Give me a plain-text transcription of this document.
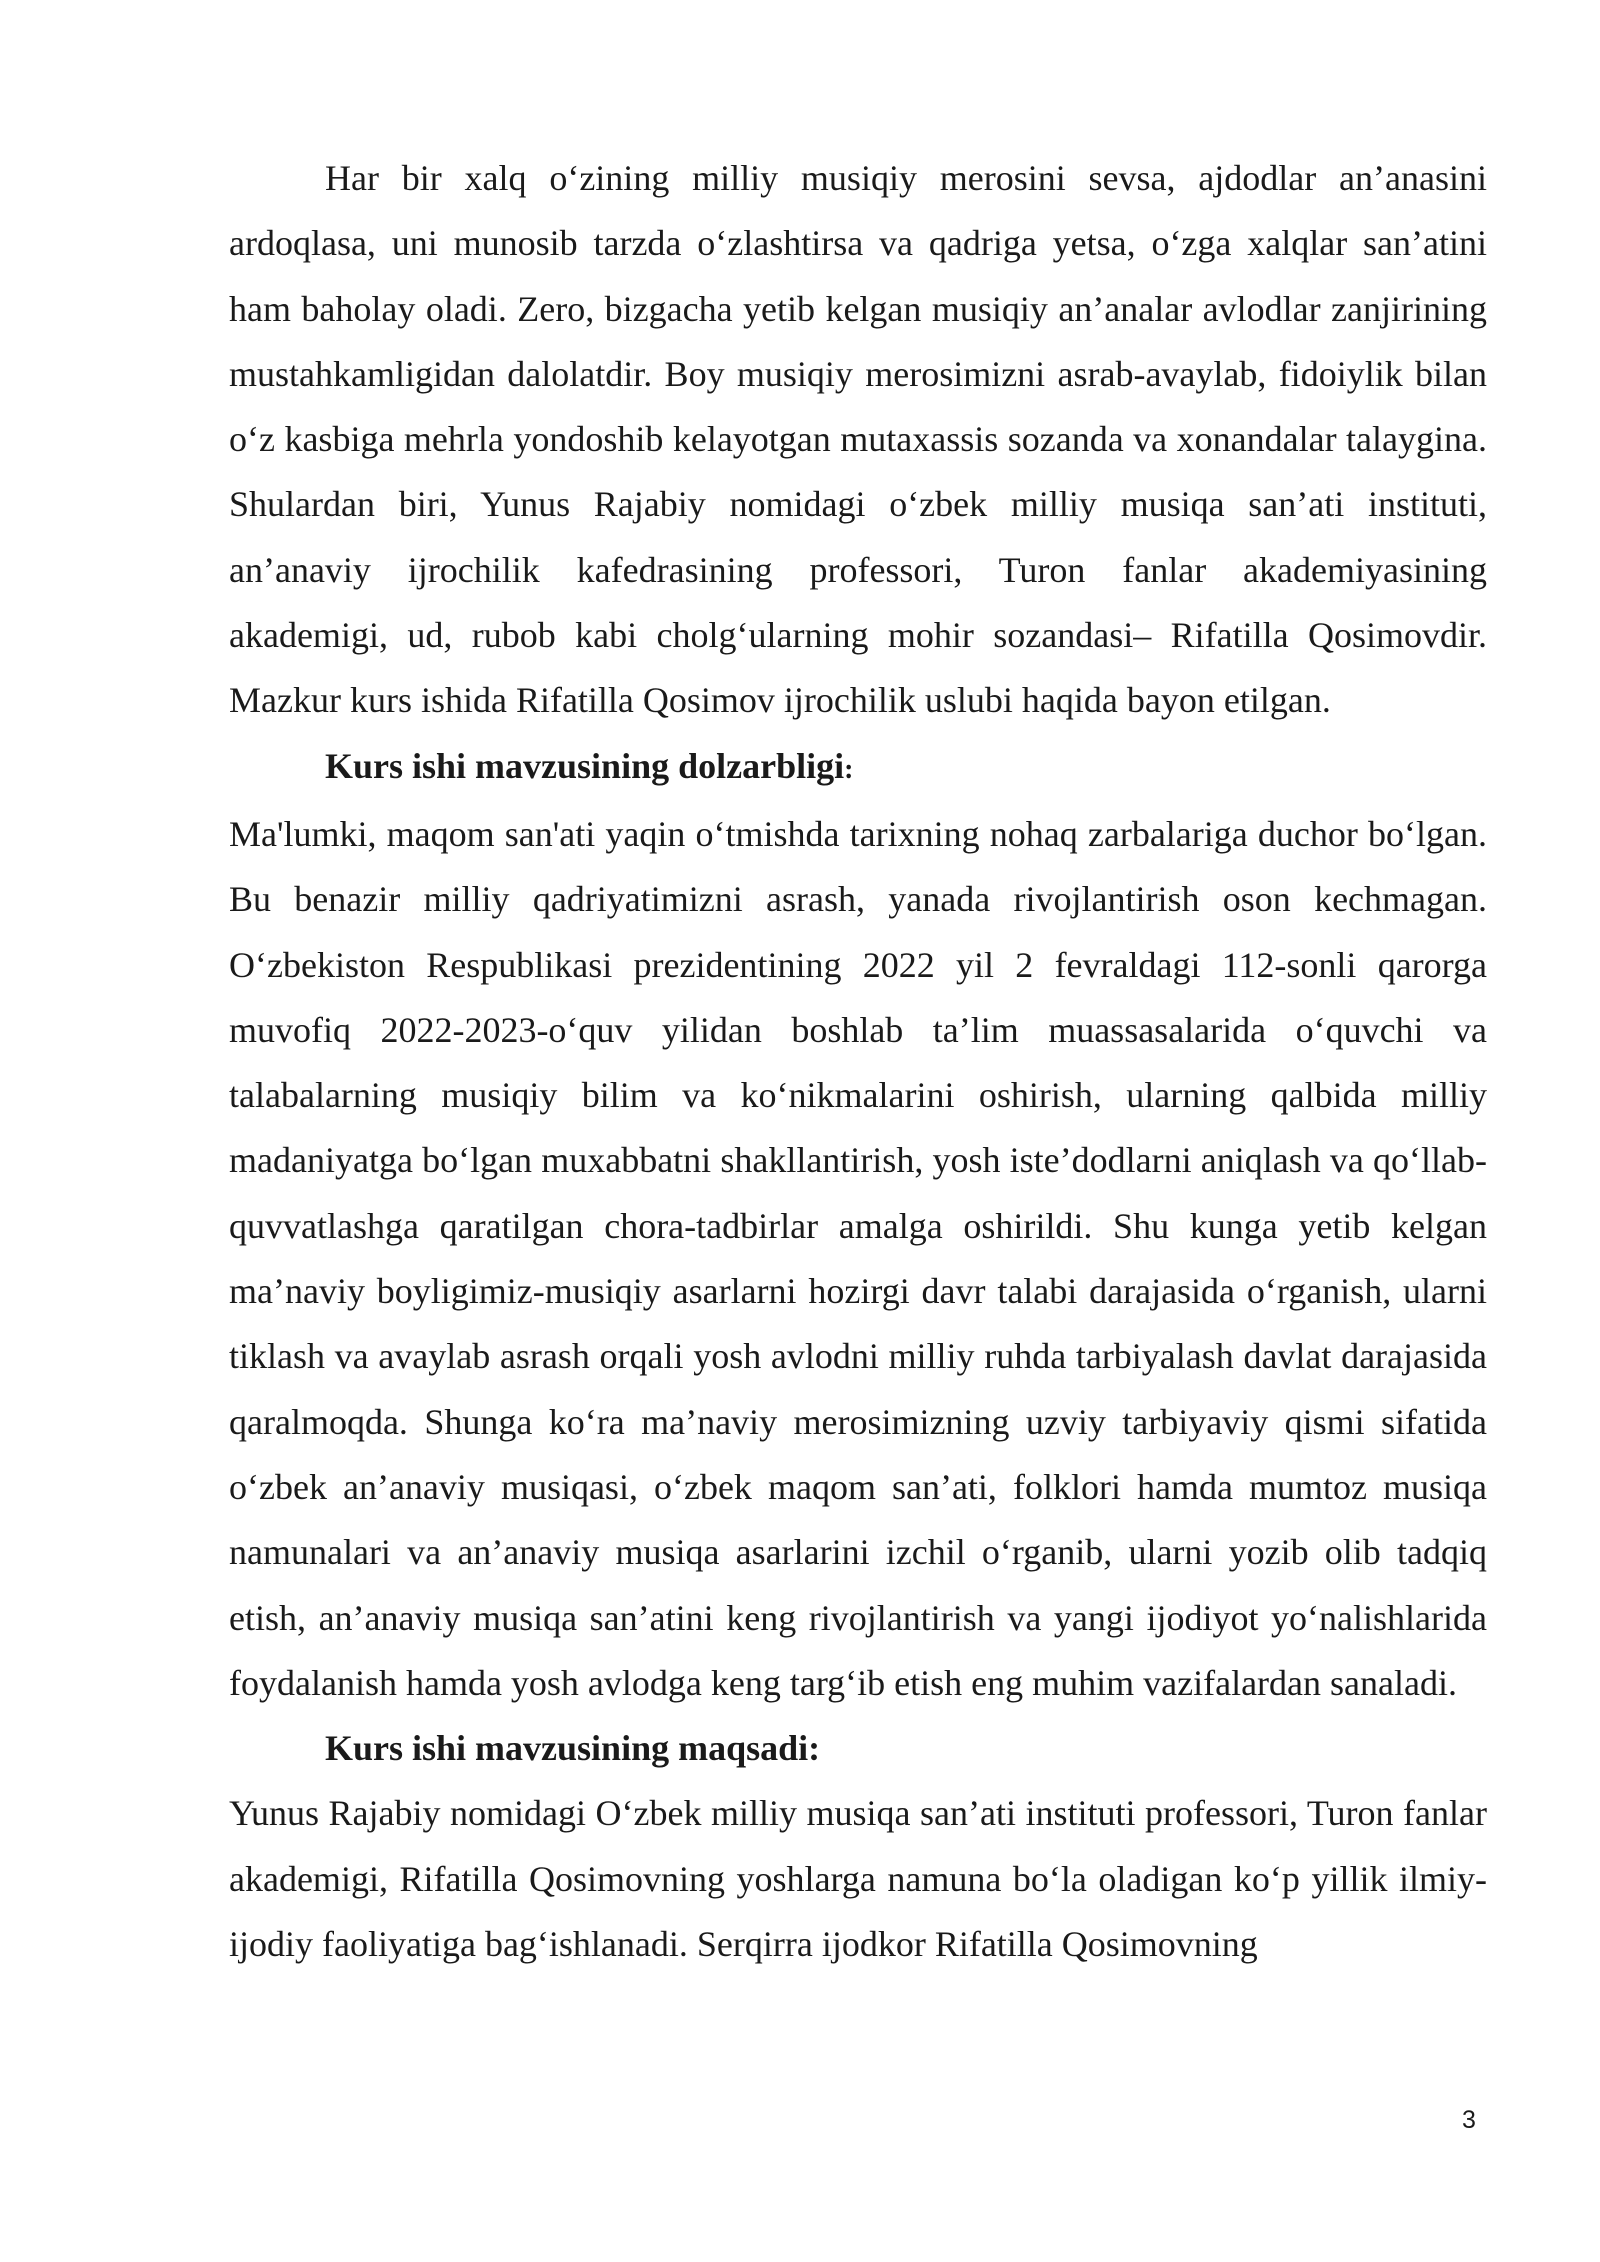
Har bir xalq o‘zining milliy musiqiy merosini sevsa, ajdodlar an’anasini ardoqlasa, uni munosib tarzda o‘zlashtirsa va qadriga yetsa, o‘zga xalqlar san’atini ham baholay oladi. Zero, bizgacha yetib kelgan musiqiy an’analar avlodlar zanjirining mustahkamligidan dalolatdir. Boy musiqiy merosimizni asrab-avaylab, fidoiylik bilan o‘z kasbiga mehrla yondoshib kelayotgan mutaxassis sozanda va xonandalar talaygina. Shulardan biri, Yunus Rajabiy nomidagi o‘zbek milliy musiqa san’ati instituti, an’anaviy ijrochilik kafedrasining professori, Turon fanlar akademiyasining akademigi, ud, rubob kabi cholg‘ularning mohir sozandasi– Rifatilla Qosimovdir. Mazkur kurs ishida Rifatilla Qosimov ijrochilik uslubi haqida bayon etilgan.

Kurs ishi mavzusining dolzarbligi:

Ma'lumki, maqom san'ati yaqin o‘tmishda tarixning nohaq zarbalariga duchor bo‘lgan. Bu benazir milliy qadriyatimizni asrash, yanada rivojlantirish oson kechmagan. O‘zbekiston Respublikasi prezidentining 2022 yil 2 fevraldagi 112-sonli qarorga muvofiq 2022-2023-o‘quv yilidan boshlab ta’lim muassasalarida o‘quvchi va talabalarning musiqiy bilim va ko‘nikmalarini oshirish, ularning qalbida milliy madaniyatga bo‘lgan muxabbatni shakllantirish, yosh iste’dodlarni aniqlash va qo‘llab-quvvatlashga qaratilgan chora-tadbirlar amalga oshirildi. Shu kunga yetib kelgan ma’naviy boyligimiz-musiqiy asarlarni hozirgi davr talabi darajasida o‘rganish, ularni tiklash va avaylab asrash orqali yosh avlodni milliy ruhda tarbiyalash davlat darajasida qaralmoqda. Shunga ko‘ra ma’naviy merosimizning uzviy tarbiyaviy qismi sifatida o‘zbek an’anaviy musiqasi, o‘zbek maqom san’ati, folklori hamda mumtoz musiqa namunalari va an’anaviy musiqa asarlarini izchil o‘rganib, ularni yozib olib tadqiq etish, an’anaviy musiqa san’atini keng rivojlantirish va yangi ijodiyot yo‘nalishlarida foydalanish hamda yosh avlodga keng targ‘ib etish eng muhim vazifalardan sanaladi.

Kurs ishi mavzusining maqsadi:

Yunus Rajabiy nomidagi O‘zbek milliy musiqa san’ati instituti professori, Turon fanlar akademigi, Rifatilla Qosimovning yoshlarga namuna bo‘la oladigan ko‘p yillik ilmiy-ijodiy faoliyatiga bag‘ishlanadi. Serqirra ijodkor Rifatilla Qosimovning

3
